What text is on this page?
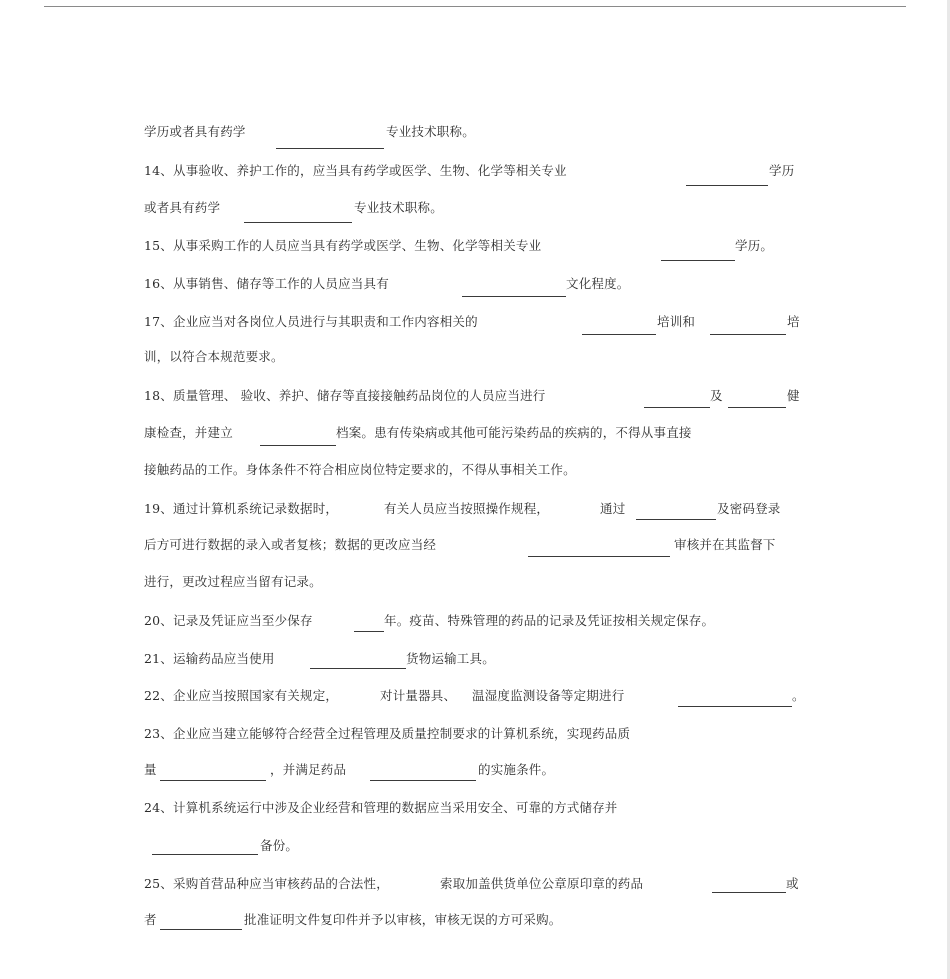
学历或者具有药学	专业技术职称。
14、从事验收、养护工作的，应当具有药学或医学、生物、化学等相关专业	学历
或者具有药学	专业技术职称。
15、从事采购工作的人员应当具有药学或医学、生物、化学等相关专业	学历。
16、从事销售、储存等工作的人员应当具有	文化程度。
17、企业应当对各岗位人员进行与其职责和工作内容相关的	培训和	培
训，以符合本规范要求。
18、质量管理、 验收、养护、储存等直接接触药品岗位的人员应当进行	及	健
康检查，并建立	档案。患有传染病或其他可能污染药品的疾病的，不得从事直接
接触药品的工作。身体条件不符合相应岗位特定要求的，不得从事相关工作。
19、通过计算机系统记录数据时，	有关人员应当按照操作规程，	通过	及密码登录
后方可进行数据的录入或者复核；数据的更改应当经	审核并在其监督下
进行，更改过程应当留有记录。
20、记录及凭证应当至少保存	年。疫苗、特殊管理的药品的记录及凭证按相关规定保存。
21、运输药品应当使用	货物运输工具。
22、企业应当按照国家有关规定，	对计量器具、 温湿度监测设备等定期进行	。
23、企业应当建立能够符合经营全过程管理及质量控制要求的计算机系统，实现药品质
量	，并满足药品	的实施条件。
24、计算机系统运行中涉及企业经营和管理的数据应当采用安全、可靠的方式储存并
备份。
25、采购首营品种应当审核药品的合法性，	索取加盖供货单位公章原印章的药品	或
者	批准证明文件复印件并予以审核，审核无误的方可采购。
